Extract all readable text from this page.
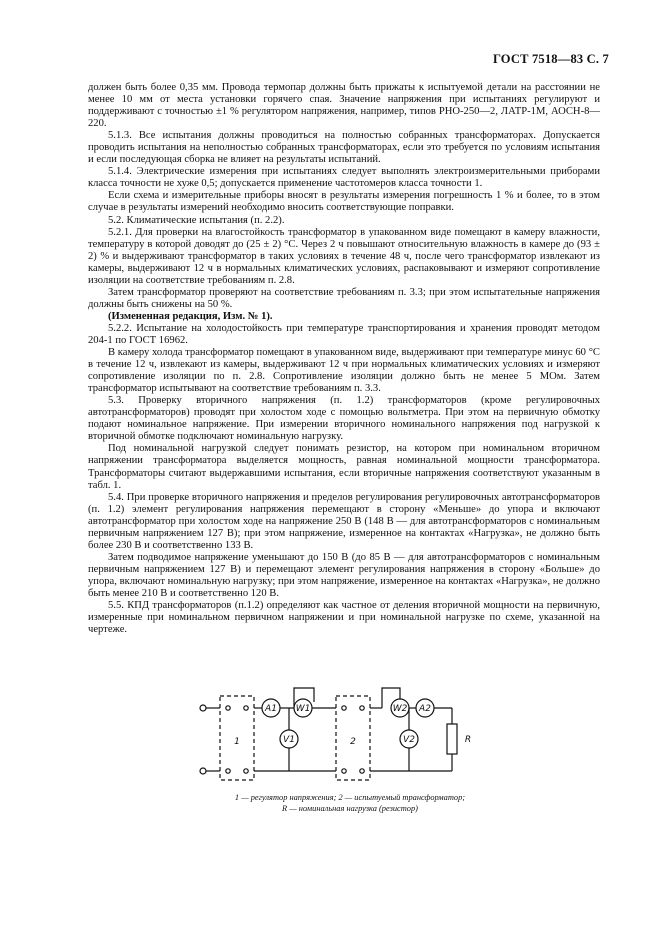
ГОСТ 7518—83 С. 7

должен быть более 0,35 мм. Провода термопар должны быть прижаты к испытуемой детали на расстоянии не менее 10 мм от места установки горячего спая. Значение напряжения при испытаниях регулируют и поддерживают с точностью ±1 % регулятором напряжения, например, типов РНО-250—2, ЛАТР-1М, АОСН-8—220.

5.1.3. Все испытания должны проводиться на полностью собранных трансформаторах. Допускается проводить испытания на неполностью собранных трансформаторах, если это требуется по условиям испытания и если последующая сборка не влияет на результаты испытаний.

5.1.4. Электрические измерения при испытаниях следует выполнять электроизмерительными приборами класса точности не хуже 0,5; допускается применение частотомеров класса точности 1.

Если схема и измерительные приборы вносят в результаты измерения погрешность 1 % и более, то в этом случае в результаты измерений необходимо вносить соответствующие поправки.

5.2. Климатические испытания (п. 2.2).

5.2.1. Для проверки на влагостойкость трансформатор в упакованном виде помещают в камеру влажности, температуру в которой доводят до (25 ± 2) °С. Через 2 ч повышают относительную влажность в камере до (93 ± 2) % и выдерживают трансформатор в таких условиях в течение 48 ч, после чего трансформатор извлекают из камеры, выдерживают 12 ч в нормальных климатических условиях, распаковывают и измеряют сопротивление изоляции на соответствие требованиям п. 2.8.

Затем трансформатор проверяют на соответствие требованиям п. 3.3; при этом испытательные напряжения должны быть снижены на 50 %.

(Измененная редакция, Изм. № 1).

5.2.2. Испытание на холодостойкость при температуре транспортирования и хранения проводят методом 204-1 по ГОСТ 16962.

В камеру холода трансформатор помещают в упакованном виде, выдерживают при температуре минус 60 °С в течение 12 ч, извлекают из камеры, выдерживают 12 ч при нормальных климатических условиях и измеряют сопротивление изоляции по п. 2.8. Сопротивление изоляции должно быть не менее 5 МОм. Затем трансформатор испытывают на соответствие требованиям п. 3.3.

5.3. Проверку вторичного напряжения (п. 1.2) трансформаторов (кроме регулировочных автотрансформаторов) проводят при холостом ходе с помощью вольтметра. При этом на первичную обмотку подают номинальное напряжение. При измерении вторичного номинального напряжения под нагрузкой к вторичной обмотке подключают номинальную нагрузку.

Под номинальной нагрузкой следует понимать резистор, на котором при номинальном вторичном напряжении трансформатора выделяется мощность, равная номинальной мощности трансформатора. Трансформаторы считают выдержавшими испытания, если вторичные напряжения соответствуют указанным в табл. 1.

5.4. При проверке вторичного напряжения и пределов регулирования регулировочных автотрансформаторов (п. 1.2) элемент регулирования напряжения перемещают в сторону «Меньше» до упора и включают автотрансформатор при холостом ходе на напряжение 250 В (148 В — для автотрансформаторов с номинальным первичным напряжением 127 В); при этом напряжение, измеренное на контактах «Нагрузка», не должно быть более 230 В и соответственно 133 В.

Затем подводимое напряжение уменьшают до 150 В (до 85 В — для автотрансформаторов с номинальным первичным напряжением 127 В) и перемещают элемент регулирования напряжения в сторону «Больше» до упора, включают номинальную нагрузку; при этом напряжение, измеренное на контактах «Нагрузка», не должно быть менее 210 В и соответственно 120 В.

5.5. КПД трансформаторов (п.1.2) определяют как частное от деления вторичной мощности на первичную, измеренные при номинальном первичном напряжении и при номинальной нагрузке по схеме, указанной на чертеже.

1	2
A1 W1
V1
W2 A2
V2	R
1 — регулятор напряжения; 2 — испытуемый трансформатор;
R — номинальная нагрузка (резистор)
